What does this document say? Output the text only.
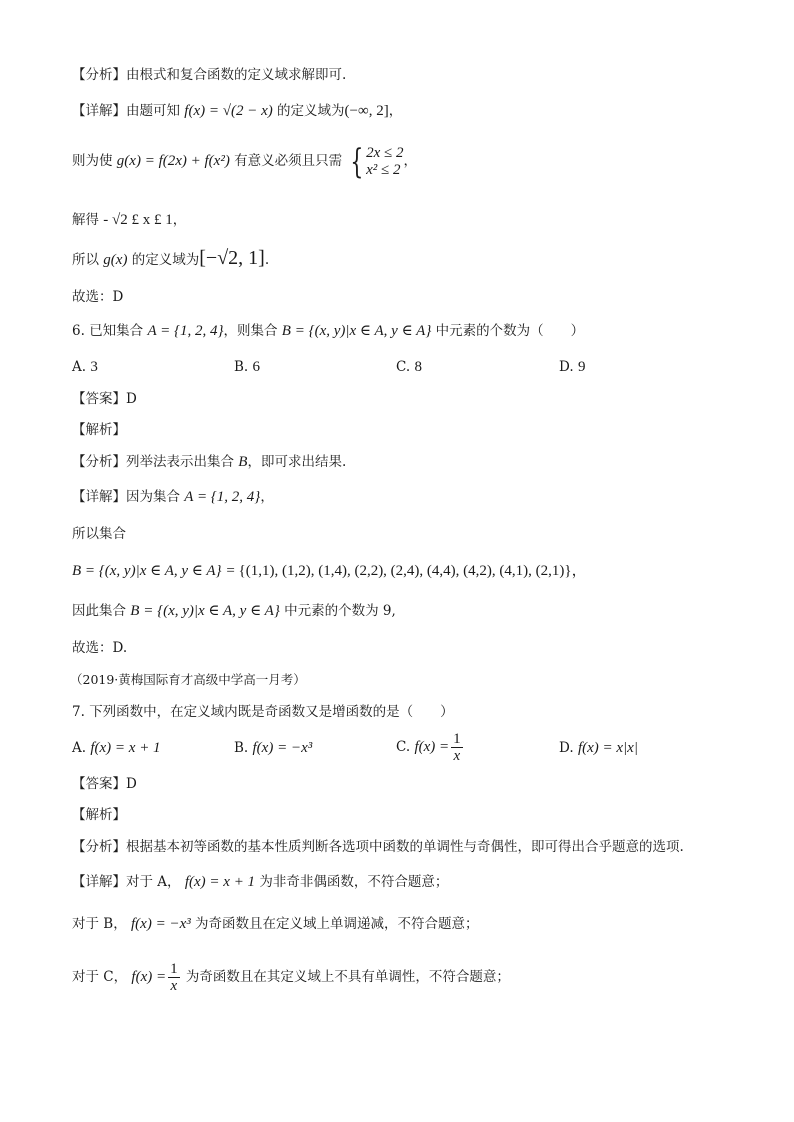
【分析】由根式和复合函数的定义域求解即可.
【详解】由题可知 f(x) = √(2 − x) 的定义域为(−∞, 2]，
则为使 g(x) = f(2x) + f(x²) 有意义必须且只需 { 2x ≤ 2
x² ≤ 2
，
解得 - √2 £ x £ 1，
所以 g(x) 的定义域为[−√2, 1].
故选：D
6. 已知集合 A = {1, 2, 4}，则集合 B = {(x, y)|x ∈ A, y ∈ A} 中元素的个数为（　　）
A. 3	B. 6	C. 8	D. 9
【答案】D
【解析】
【分析】列举法表示出集合 B，即可求出结果.
【详解】因为集合 A = {1, 2, 4}，
所以集合
B = {(x, y)|x ∈ A, y ∈ A} = {(1,1), (1,2), (1,4), (2,2), (2,4), (4,4), (4,2), (4,1), (2,1)}，
因此集合 B = {(x, y)|x ∈ A, y ∈ A} 中元素的个数为 9,
故选：D.
（2019·黄梅国际育才高级中学高一月考）
7. 下列函数中，在定义域内既是奇函数又是增函数的是（　　）
A. f(x) = x + 1	B. f(x) = −x³	C. $f(x) = \frac{1}{x}$	D. f(x) = x|x|
【答案】D
【解析】
【分析】根据基本初等函数的基本性质判断各选项中函数的单调性与奇偶性，即可得出合乎题意的选项.
【详解】对于 A， f(x) = x + 1 为非奇非偶函数，不符合题意；
对于 B， f(x) = −x³ 为奇函数且在定义域上单调递减，不符合题意；
对于 C， $f(x) = \frac{1}{x}$ 为奇函数且在其定义域上不具有单调性，不符合题意；
